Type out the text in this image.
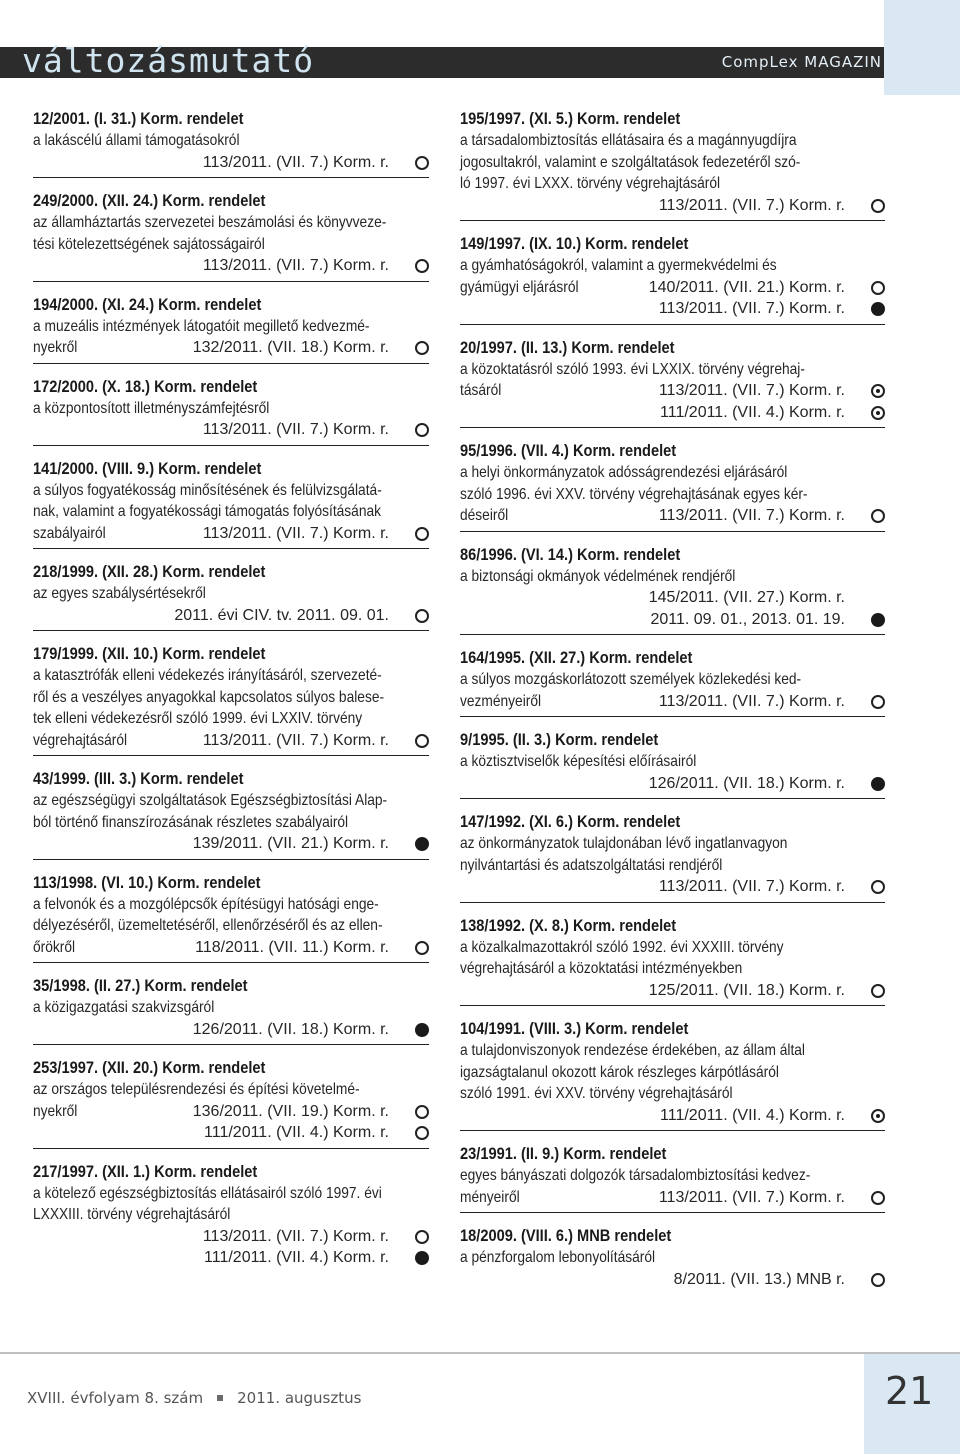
változásmutató	CompLex MAGAZIN
12/2001. (I. 31.) Korm. rendelet
a lakáscélú állami támogatásokról
113/2011. (VII. 7.) Korm. r.
249/2000. (XII. 24.) Korm. rendelet
az államháztartás szervezetei beszámolási és könyvveze-
tési kötelezettségének sajátosságairól
113/2011. (VII. 7.) Korm. r.
194/2000. (XI. 24.) Korm. rendelet
a muzeális intézmények látogatóit megillető kedvezmé-
nyekről	132/2011. (VII. 18.) Korm. r.
172/2000. (X. 18.) Korm. rendelet
a központosított illetményszámfejtésről
113/2011. (VII. 7.) Korm. r.
141/2000. (VIII. 9.) Korm. rendelet
a súlyos fogyatékosság minősítésének és felülvizsgálatá-
nak, valamint a fogyatékossági támogatás folyósításának
szabályairól	113/2011. (VII. 7.) Korm. r.
218/1999. (XII. 28.) Korm. rendelet
az egyes szabálysértésekről
2011. évi CIV. tv. 2011. 09. 01.
179/1999. (XII. 10.) Korm. rendelet
a katasztrófák elleni védekezés irányításáról, szervezeté-
ről és a veszélyes anyagokkal kapcsolatos súlyos balese-
tek elleni védekezésről szóló 1999. évi LXXIV. törvény
végrehajtásáról	113/2011. (VII. 7.) Korm. r.
43/1999. (III. 3.) Korm. rendelet
az egészségügyi szolgáltatások Egészségbiztosítási Alap-
ból történő finanszírozásának részletes szabályairól
139/2011. (VII. 21.) Korm. r.
113/1998. (VI. 10.) Korm. rendelet
a felvonók és a mozgólépcsők építésügyi hatósági enge-
délyezéséről, üzemeltetéséről, ellenőrzéséről és az ellen-
őrökről	118/2011. (VII. 11.) Korm. r.
35/1998. (II. 27.) Korm. rendelet
a közigazgatási szakvizsgáról
126/2011. (VII. 18.) Korm. r.
253/1997. (XII. 20.) Korm. rendelet
az országos településrendezési és építési követelmé-
nyekről	136/2011. (VII. 19.) Korm. r.
111/2011. (VII. 4.) Korm. r.
217/1997. (XII. 1.) Korm. rendelet
a kötelező egészségbiztosítás ellátásairól szóló 1997. évi
LXXXIII. törvény végrehajtásáról
113/2011. (VII. 7.) Korm. r.
111/2011. (VII. 4.) Korm. r.
195/1997. (XI. 5.) Korm. rendelet
a társadalombiztosítás ellátásaira és a magánnyugdíjra
jogosultakról, valamint e szolgáltatások fedezetéről szó-
ló 1997. évi LXXX. törvény végrehajtásáról
113/2011. (VII. 7.) Korm. r.
149/1997. (IX. 10.) Korm. rendelet
a gyámhatóságokról, valamint a gyermekvédelmi és
gyámügyi eljárásról	140/2011. (VII. 21.) Korm. r.
113/2011. (VII. 7.) Korm. r.
20/1997. (II. 13.) Korm. rendelet
a közoktatásról szóló 1993. évi LXXIX. törvény végrehaj-
tásáról	113/2011. (VII. 7.) Korm. r.
111/2011. (VII. 4.) Korm. r.
95/1996. (VII. 4.) Korm. rendelet
a helyi önkormányzatok adósságrendezési eljárásáról
szóló 1996. évi XXV. törvény végrehajtásának egyes kér-
déseiről	113/2011. (VII. 7.) Korm. r.
86/1996. (VI. 14.) Korm. rendelet
a biztonsági okmányok védelmének rendjéről
145/2011. (VII. 27.) Korm. r.
2011. 09. 01., 2013. 01. 19.
164/1995. (XII. 27.) Korm. rendelet
a súlyos mozgáskorlátozott személyek közlekedési ked-
vezményeiről	113/2011. (VII. 7.) Korm. r.
9/1995. (II. 3.) Korm. rendelet
a köztisztviselők képesítési előírásairól
126/2011. (VII. 18.) Korm. r.
147/1992. (XI. 6.) Korm. rendelet
az önkormányzatok tulajdonában lévő ingatlanvagyon
nyilvántartási és adatszolgáltatási rendjéről
113/2011. (VII. 7.) Korm. r.
138/1992. (X. 8.) Korm. rendelet
a közalkalmazottakról szóló 1992. évi XXXIII. törvény
végrehajtásáról a közoktatási intézményekben
125/2011. (VII. 18.) Korm. r.
104/1991. (VIII. 3.) Korm. rendelet
a tulajdonviszonyok rendezése érdekében, az állam által
igazságtalanul okozott károk részleges kárpótlásáról
szóló 1991. évi XXV. törvény végrehajtásáról
111/2011. (VII. 4.) Korm. r.
23/1991. (II. 9.) Korm. rendelet
egyes bányászati dolgozók társadalombiztosítási kedvez-
ményeiről	113/2011. (VII. 7.) Korm. r.
18/2009. (VIII. 6.) MNB rendelet
a pénzforgalom lebonyolításáról
8/2011. (VII. 13.) MNB r.
XVIII. évfolyam 8. szám 2011. augusztus	21
